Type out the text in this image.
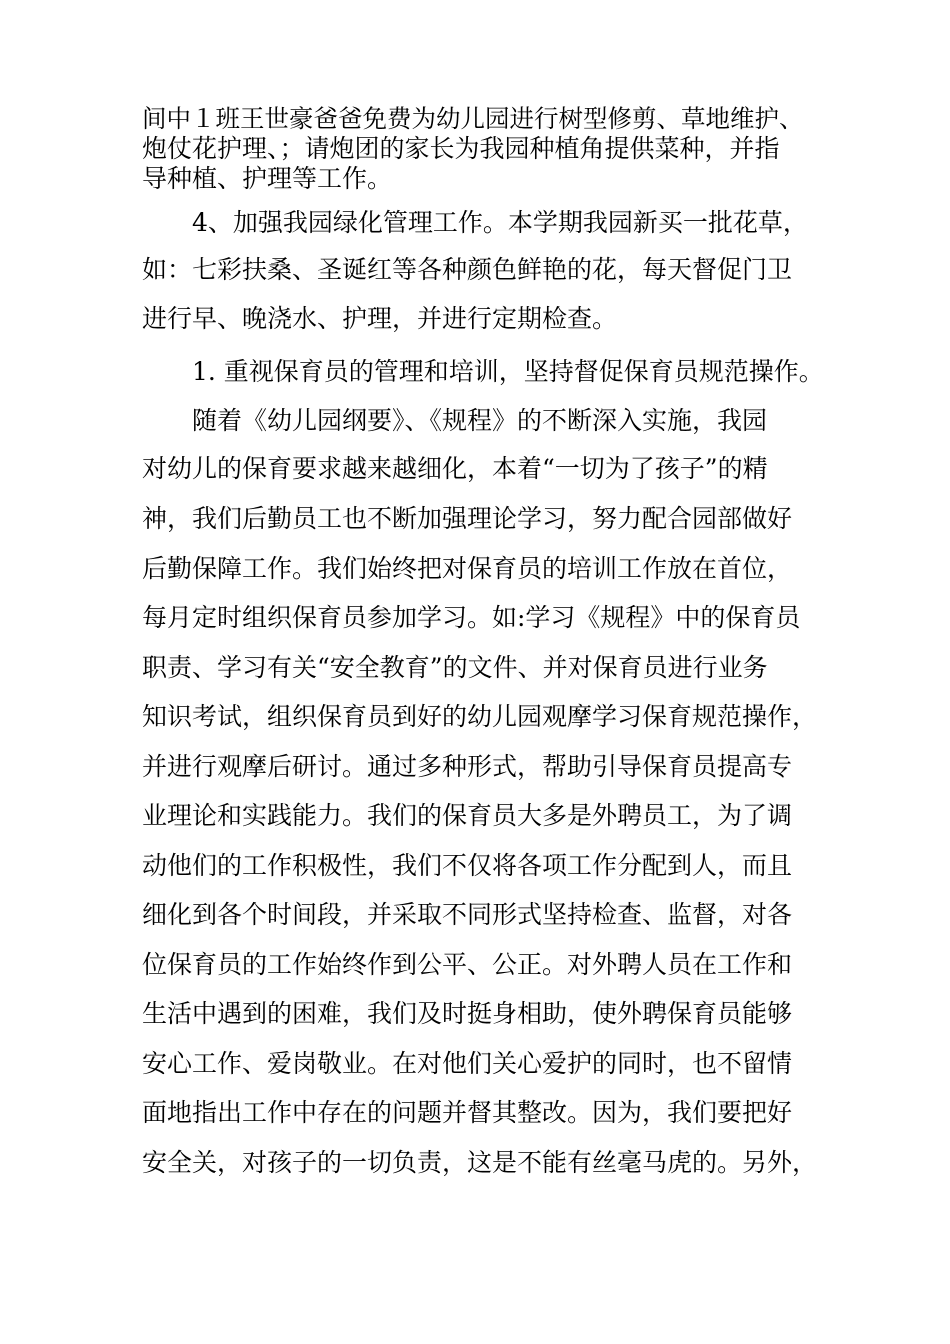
间中１班王世豪爸爸免费为幼儿园进行树型修剪、草地维护、
炮仗花护理、；请炮团的家长为我园种植角提供菜种，并指
导种植、护理等工作。
4、加强我园绿化管理工作。本学期我园新买一批花草，
如：七彩扶桑、圣诞红等各种颜色鲜艳的花，每天督促门卫
进行早、晚浇水、护理，并进行定期检查。
1. 重视保育员的管理和培训，坚持督促保育员规范操作。
随着《幼儿园纲要》、《规程》的不断深入实施，我园
对幼儿的保育要求越来越细化，本着“一切为了孩子”的精
神，我们后勤员工也不断加强理论学习，努力配合园部做好
后勤保障工作。我们始终把对保育员的培训工作放在首位，
每月定时组织保育员参加学习。如:学习《规程》中的保育员
职责、学习有关“安全教育”的文件、并对保育员进行业务
知识考试，组织保育员到好的幼儿园观摩学习保育规范操作，
并进行观摩后研讨。通过多种形式，帮助引导保育员提高专
业理论和实践能力。我们的保育员大多是外聘员工，为了调
动他们的工作积极性，我们不仅将各项工作分配到人，而且
细化到各个时间段，并采取不同形式坚持检查、监督，对各
位保育员的工作始终作到公平、公正。对外聘人员在工作和
生活中遇到的困难，我们及时挺身相助，使外聘保育员能够
安心工作、爱岗敬业。在对他们关心爱护的同时，也不留情
面地指出工作中存在的问题并督其整改。因为，我们要把好
安全关，对孩子的一切负责，这是不能有丝毫马虎的。另外，
